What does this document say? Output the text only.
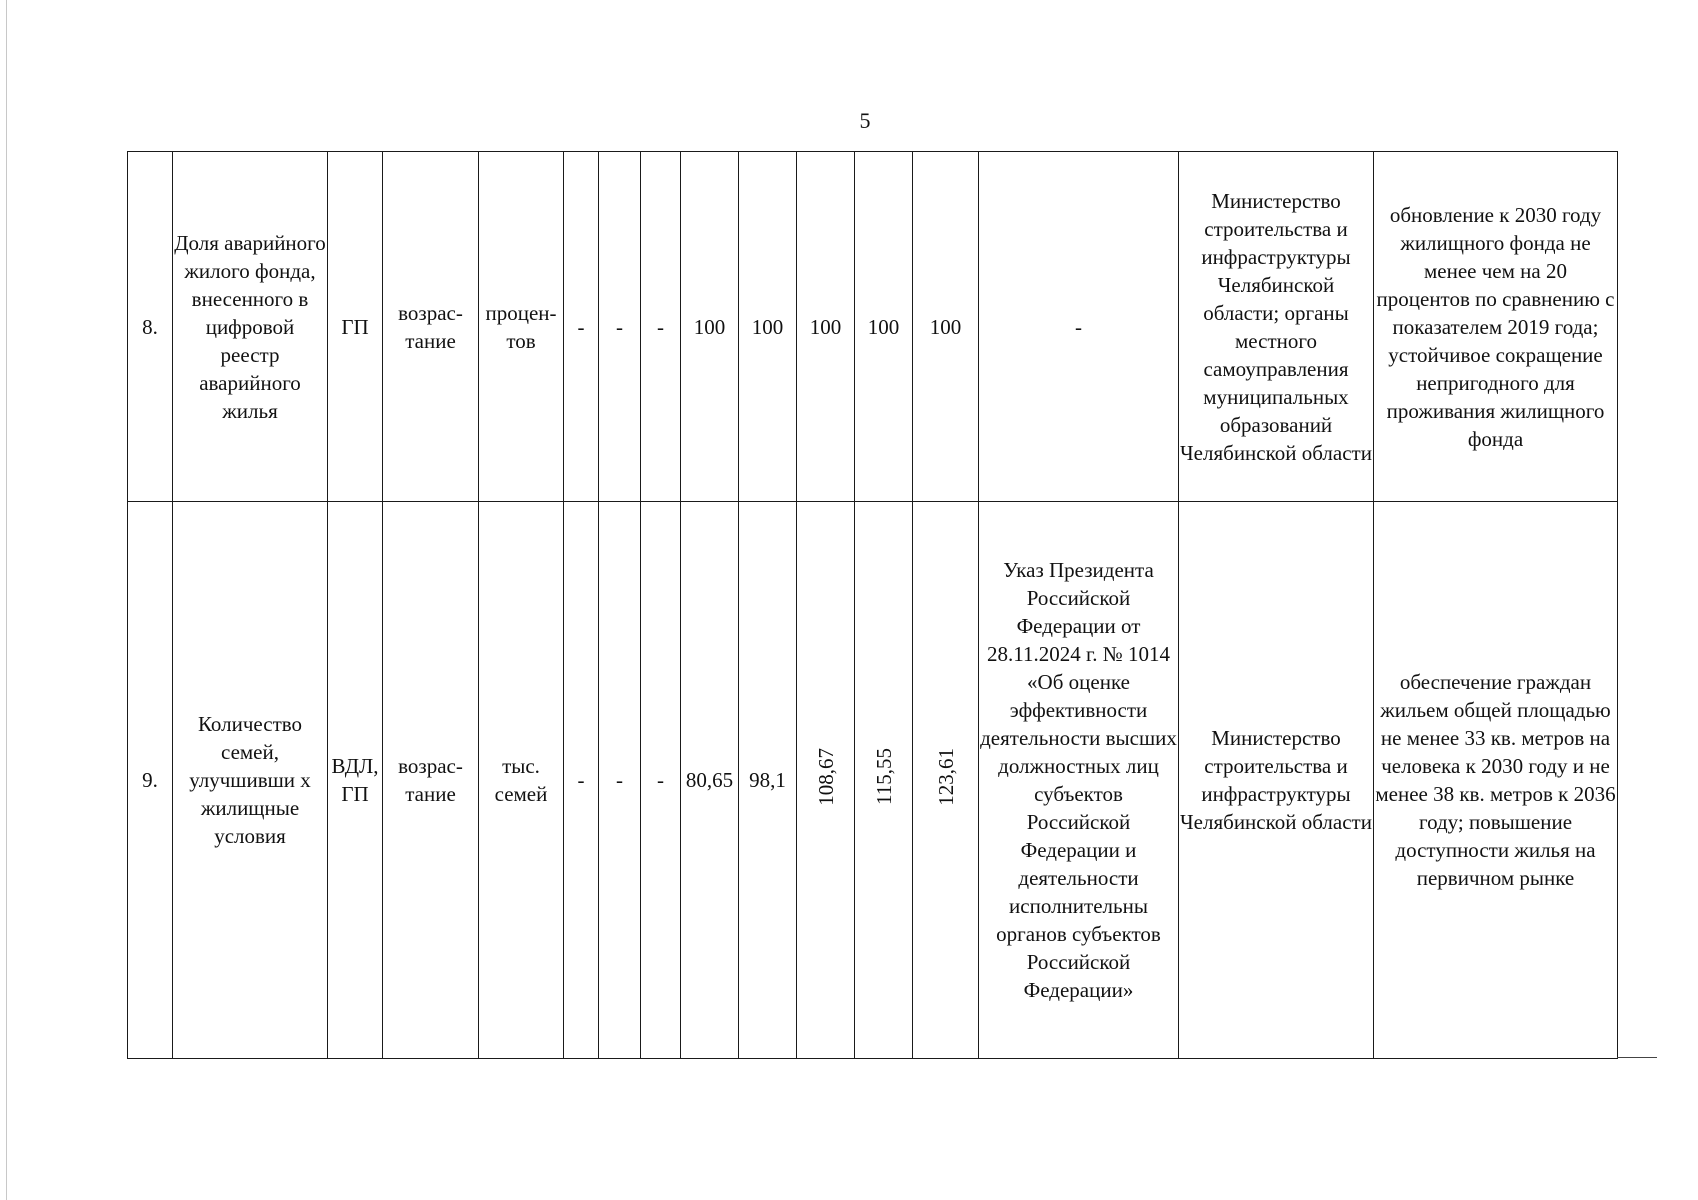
5
8.	Доля аварийного жилого фонда, внесенного в цифровой реестр аварийного жилья	ГП	возрас-тание	процен-тов	-	-	-	100	100	100	100	100	-	Министерство строительства и инфраструктуры Челябинской области; органы местного самоуправления муниципальных образований Челябинской области	обновление к 2030 году жилищного фонда не менее чем на 20 процентов по сравнению с показателем 2019 года; устойчивое сокращение непригодного для проживания жилищного фонда
9.	Количество семей, улучшивши х жилищные условия	ВДЛ, ГП	возрас-тание	тыс. семей	-	-	-	80,65	98,1	108,67	115,55	123,61	Указ Президента Российской Федерации от 28.11.2024 г. № 1014 «Об оценке эффективности деятельности высших должностных лиц субъектов Российской Федерации и деятельности исполнительны органов субъектов Российской Федерации»	Министерство строительства и инфраструктуры Челябинской области	обеспечение граждан жильем общей площадью не менее 33 кв. метров на человека к 2030 году и не менее 38 кв. метров к 2036 году; повышение доступности жилья на первичном рынке
